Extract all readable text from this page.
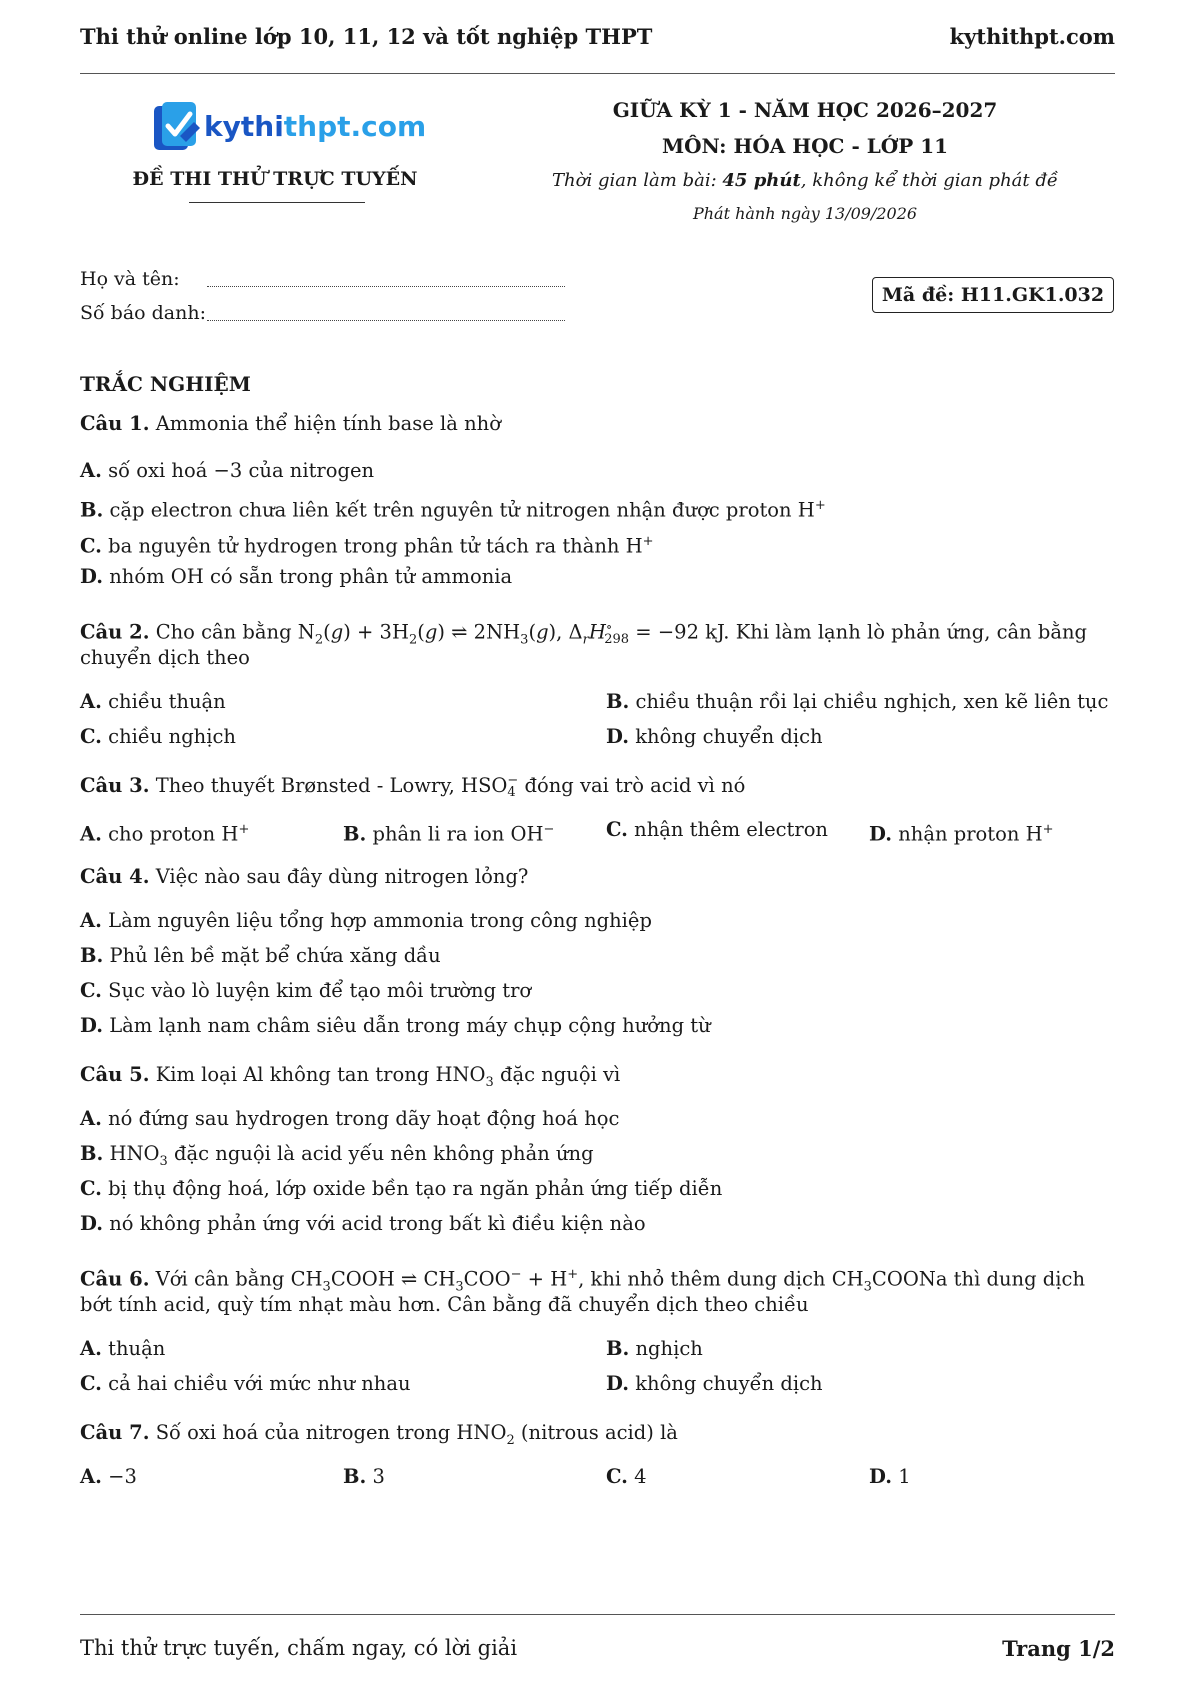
Thi thử online lớp 10, 11, 12 và tốt nghiệp THPT	kythithpt.com
kythithpt.com
ĐỀ THI THỬ TRỰC TUYẾN
GIỮA KỲ 1 - NĂM HỌC 2026–2027
MÔN: HÓA HỌC - LỚP 11
Thời gian làm bài: 45 phút, không kể thời gian phát đề
Phát hành ngày 13/09/2026
Họ và tên:
Số báo danh:
Mã đề: H11.GK1.032
TRẮC NGHIỆM
Câu 1. Ammonia thể hiện tính base là nhờ
A. số oxi hoá −3 của nitrogen
B. cặp electron chưa liên kết trên nguyên tử nitrogen nhận được proton H+
C. ba nguyên tử hydrogen trong phân tử tách ra thành H+
D. nhóm OH có sẵn trong phân tử ammonia
Câu 2. Cho cân bằng $N_2(g) + 3H_2(g)$ ⇌ $2NH_3(g)$, $\Delta_rH^\circ_{298} = -92$ kJ. Khi làm lạnh lò phản ứng, cân bằng
chuyển dịch theo
A. chiều thuận	B. chiều thuận rồi lại chiều nghịch, xen kẽ liên tục
C. chiều nghịch	D. không chuyển dịch
Câu 3. Theo thuyết Brønsted - Lowry, HSO −
4 đóng vai trò acid vì nó
A. cho proton H+	B. phân li ra ion OH−	C. nhận thêm electron D. nhận proton H+
Câu 4. Việc nào sau đây dùng nitrogen lỏng?
A. Làm nguyên liệu tổng hợp ammonia trong công nghiệp
B. Phủ lên bề mặt bể chứa xăng dầu
C. Sục vào lò luyện kim để tạo môi trường trơ
D. Làm lạnh nam châm siêu dẫn trong máy chụp cộng hưởng từ
Câu 5. Kim loại Al không tan trong $HNO_3$ đặc nguội vì
A. nó đứng sau hydrogen trong dãy hoạt động hoá học
B. $HNO_3$ đặc nguội là acid yếu nên không phản ứng
C. bị thụ động hoá, lớp oxide bền tạo ra ngăn phản ứng tiếp diễn
D. nó không phản ứng với acid trong bất kì điều kiện nào
Câu 6. Với cân bằng $CH_3COOH$ ⇌ $CH_3COO^- + H^+$, khi nhỏ thêm dung dịch $CH_3COONa$ thì dung dịch
bớt tính acid, quỳ tím nhạt màu hơn. Cân bằng đã chuyển dịch theo chiều
A. thuận	B. nghịch
C. cả hai chiều với mức như nhau	D. không chuyển dịch
Câu 7. Số oxi hoá của nitrogen trong $HNO_2$ (nitrous acid) là
A. −3	B. 3	C. 4	D. 1
Thi thử trực tuyến, chấm ngay, có lời giải	Trang 1/2
